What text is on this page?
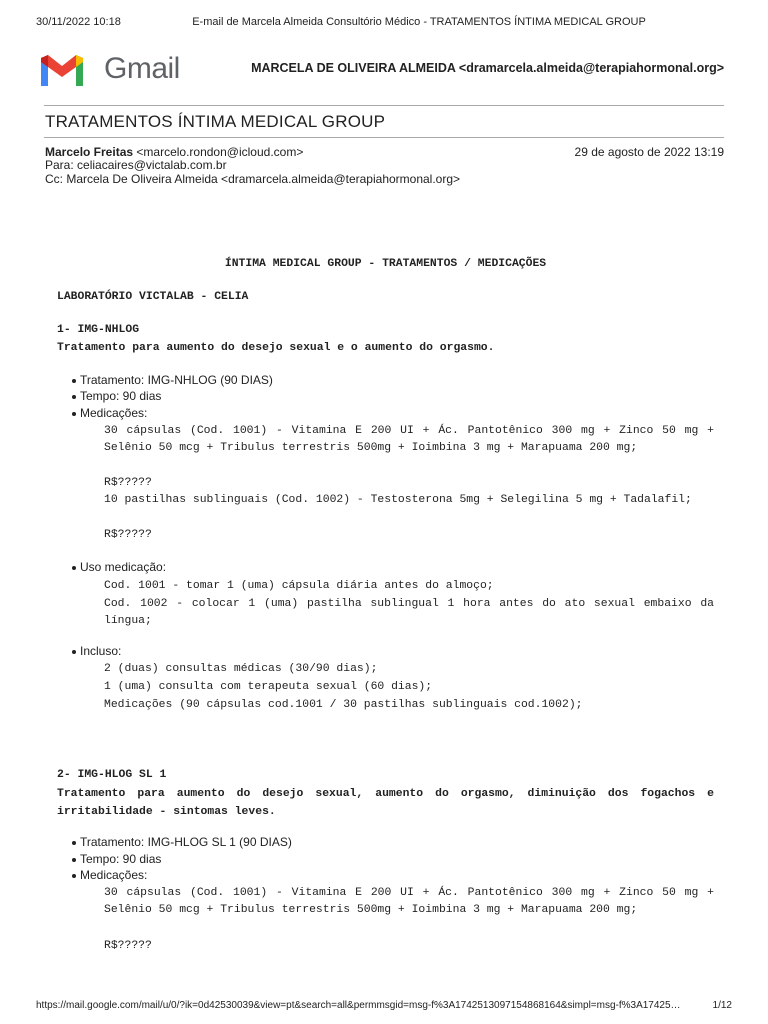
30/11/2022 10:18	E-mail de Marcela Almeida Consultório Médico - TRATAMENTOS ÍNTIMA MEDICAL GROUP
Gmail	MARCELA DE OLIVEIRA ALMEIDA <dramarcela.almeida@terapiahormonal.org>
TRATAMENTOS ÍNTIMA MEDICAL GROUP
Marcelo Freitas <marcelo.rondon@icloud.com>	29 de agosto de 2022 13:19
Para: celiacaires@victalab.com.br
Cc: Marcela De Oliveira Almeida <dramarcela.almeida@terapiahormonal.org>
ÍNTIMA MEDICAL GROUP - TRATAMENTOS / MEDICAÇÕES
LABORATÓRIO VICTALAB - CELIA
1- IMG-NHLOG
Tratamento para aumento do desejo sexual e o aumento do orgasmo.
Tratamento: IMG-NHLOG (90 DIAS)
Tempo: 90 dias
Medicações:
30 cápsulas (Cod. 1001) - Vitamina E 200 UI + Ác. Pantotênico 300 mg + Zinco 50 mg + Selênio 50 mcg + Tribulus terrestris 500mg + Ioimbina 3 mg + Marapuama 200 mg;
R$?????
10 pastilhas sublinguais (Cod. 1002) - Testosterona 5mg + Selegilina 5 mg + Tadalafil;
R$?????
Uso medicação:
Cod. 1001 - tomar 1 (uma) cápsula diária antes do almoço;
Cod. 1002 - colocar 1 (uma) pastilha sublingual 1 hora antes do ato sexual embaixo da língua;
Incluso:
2 (duas) consultas médicas (30/90 dias);
1 (uma) consulta com terapeuta sexual (60 dias);
Medicações (90 cápsulas cod.1001 / 30 pastilhas sublinguais cod.1002);
2- IMG-HLOG SL 1
Tratamento para aumento do desejo sexual, aumento do orgasmo, diminuição dos fogachos e irritabilidade - sintomas leves.
Tratamento: IMG-HLOG SL 1 (90 DIAS)
Tempo: 90 dias
Medicações:
30 cápsulas (Cod. 1001) - Vitamina E 200 UI + Ác. Pantotênico 300 mg + Zinco 50 mg + Selênio 50 mcg + Tribulus terrestris 500mg + Ioimbina 3 mg + Marapuama 200 mg;
R$?????
https://mail.google.com/mail/u/0/?ik=0d42530039&view=pt&search=all&permmsgid=msg-f%3A1742513097154868164&simpl=msg-f%3A17425…	1/12
